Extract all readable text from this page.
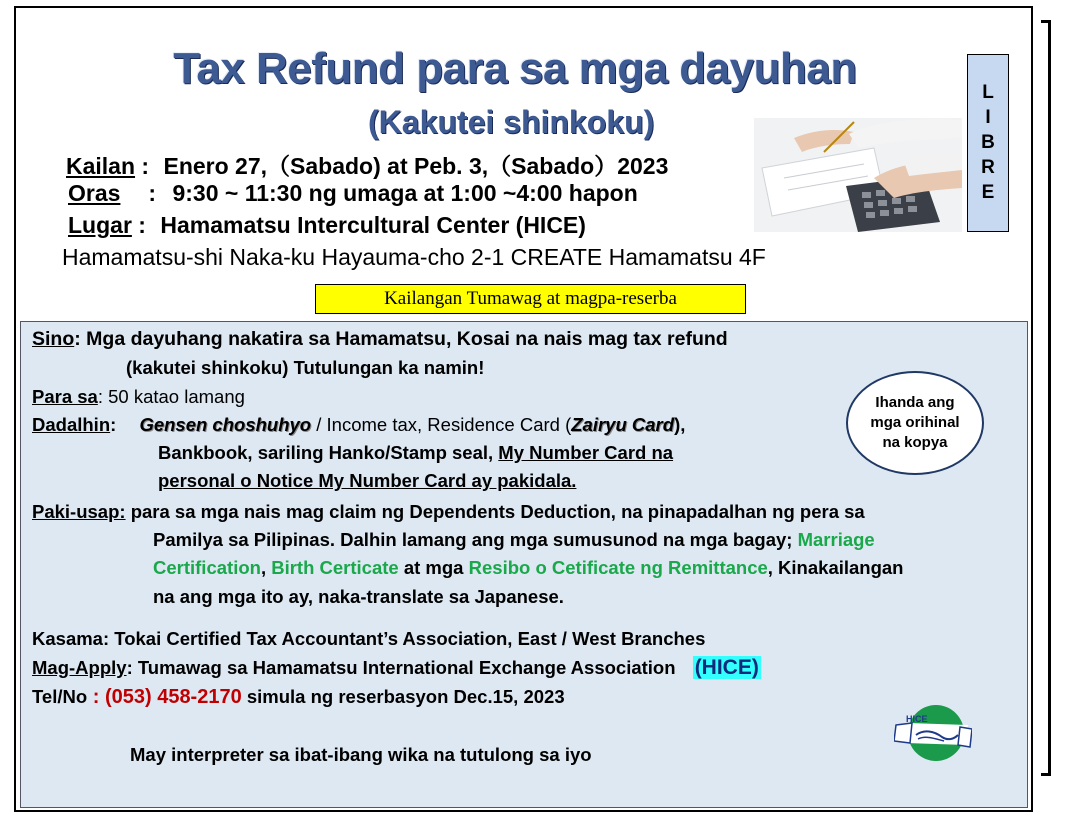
Tax Refund para sa mga dayuhan
(Kakutei shinkoku)
Kailan : Enero 27,（Sabado) at Peb. 3,（Sabado）2023
Oras : 9:30 ~ 11:30 ng umaga at 1:00 ~4:00 hapon
Lugar : Hamamatsu Intercultural Center (HICE)
Hamamatsu-shi Naka-ku Hayauma-cho 2-1 CREATE Hamamatsu 4F
L
I
B
R
E
Kailangan Tumawag at magpa-reserba
Sino: Mga dayuhang nakatira sa Hamamatsu, Kosai na nais mag tax refund
(kakutei shinkoku) Tutulungan ka namin!
Para sa: 50 katao lamang
Dadalhin: Gensen choshuhyo / Income tax, Residence Card (Zairyu Card),
Bankbook, sariling Hanko/Stamp seal, My Number Card na
personal o Notice My Number Card ay pakidala.
Ihanda ang mga orihinal na kopya
Paki-usap: para sa mga nais mag claim ng Dependents Deduction, na pinapadalhan ng pera sa
Pamilya sa Pilipinas. Dalhin lamang ang mga sumusunod na mga bagay; Marriage
Certification, Birth Certicate at mga Resibo o Cetificate ng Remittance, Kinakailangan
na ang mga ito ay, naka-translate sa Japanese.
Kasama: Tokai Certified Tax Accountant’s Association, East / West Branches
Mag-Apply: Tumawag sa Hamamatsu International Exchange Association (HICE)
Tel/No : (053) 458-2170 simula ng reserbasyon Dec.15, 2023
May interpreter sa ibat-ibang wika na tutulong sa iyo
HICE
